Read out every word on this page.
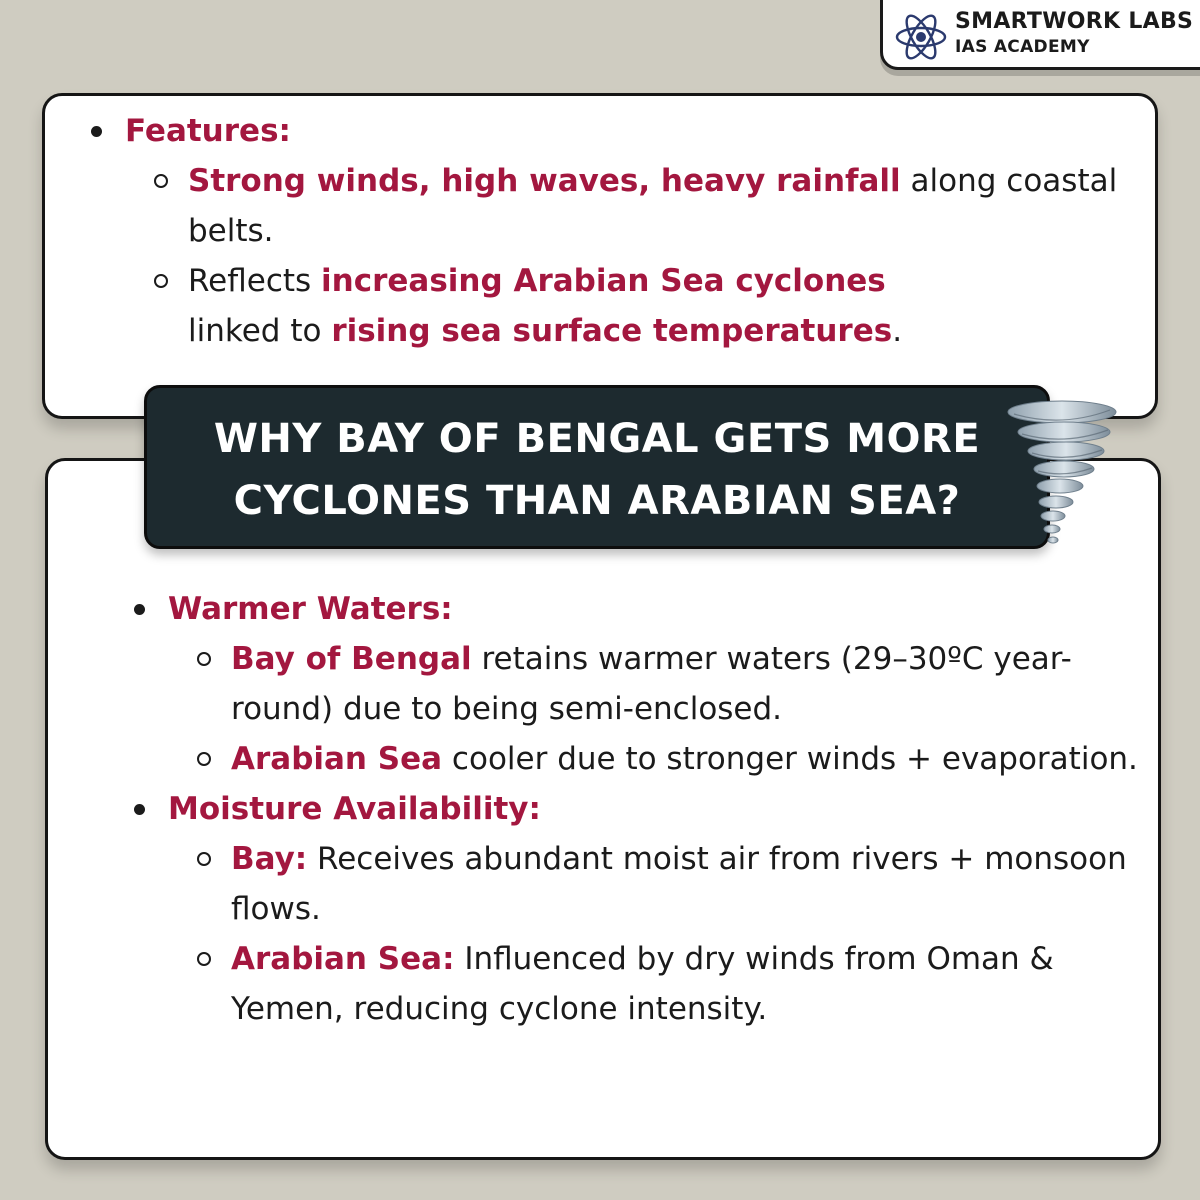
SMARTWORK LABS
IAS ACADEMY
Features:
Strong winds, high waves, heavy rainfall along coastal belts.
Reflects increasing Arabian Sea cyclones
linked to rising sea surface temperatures.
Warmer Waters:
Bay of Bengal retains warmer waters (29–30ºC year-round) due to being semi-enclosed.
Arabian Sea cooler due to stronger winds + evaporation.
Moisture Availability:
Bay: Receives abundant moist air from rivers + monsoon flows.
Arabian Sea: Influenced by dry winds from Oman & Yemen, reducing cyclone intensity.
WHY BAY OF BENGAL GETS MORE
CYCLONES THAN ARABIAN SEA?
